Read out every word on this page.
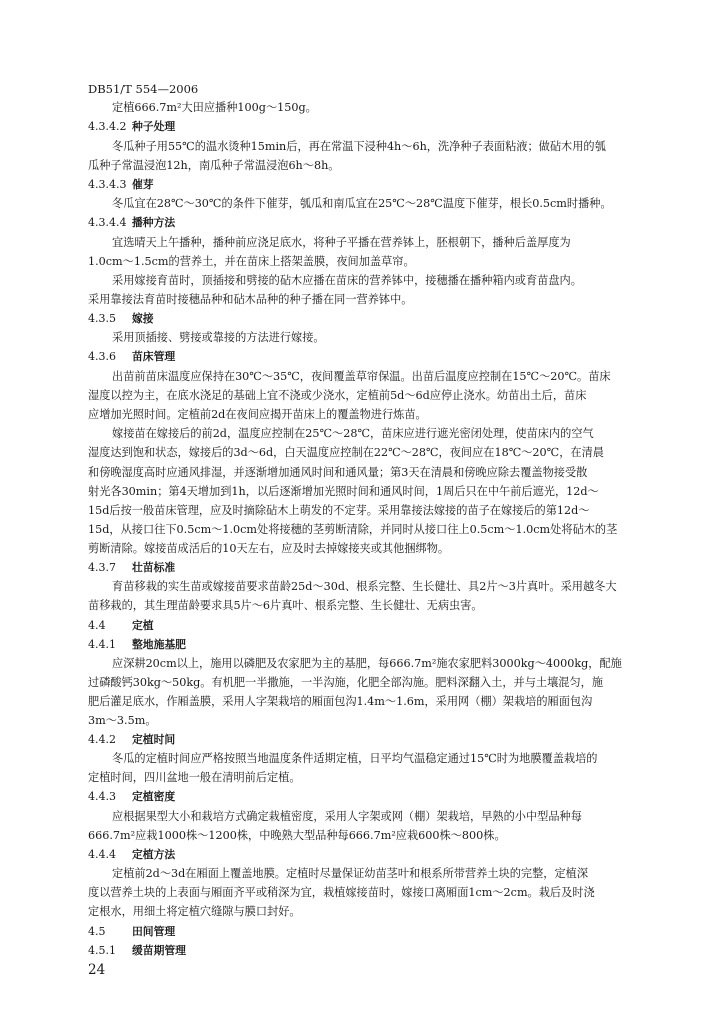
DB51/T 554—2006
定植666.7m²大田应播种100g～150g。
4.3.4.2 种子处理
冬瓜种子用55℃的温水烫种15min后，再在常温下浸种4h～6h，洗净种子表面粘液；做砧木用的瓠
瓜种子常温浸泡12h，南瓜种子常温浸泡6h～8h。
4.3.4.3 催芽
冬瓜宜在28℃～30℃的条件下催芽，瓠瓜和南瓜宜在25℃～28℃温度下催芽，根长0.5cm时播种。
4.3.4.4 播种方法
宜选晴天上午播种，播种前应浇足底水，将种子平播在营养钵上，胚根朝下，播种后盖厚度为
1.0cm～1.5cm的营养土，并在苗床上搭架盖膜，夜间加盖草帘。
采用嫁接育苗时，顶插接和劈接的砧木应播在苗床的营养钵中，接穗播在播种箱内或育苗盘内。
采用靠接法育苗时接穗品种和砧木品种的种子播在同一营养钵中。
4.3.5 嫁接
采用顶插接、劈接或靠接的方法进行嫁接。
4.3.6 苗床管理
出苗前苗床温度应保持在30℃～35℃，夜间覆盖草帘保温。出苗后温度应控制在15℃～20℃。苗床
湿度以控为主，在底水浇足的基础上宜不浇或少浇水，定植前5d～6d应停止浇水。幼苗出土后，苗床
应增加光照时间。定植前2d在夜间应揭开苗床上的覆盖物进行炼苗。
嫁接苗在嫁接后的前2d，温度应控制在25℃～28℃，苗床应进行遮光密闭处理，使苗床内的空气
湿度达到饱和状态，嫁接后的3d～6d，白天温度应控制在22℃～28℃，夜间应在18℃～20℃，在清晨
和傍晚湿度高时应通风排湿，并逐渐增加通风时间和通风量；第3天在清晨和傍晚应除去覆盖物接受散
射光各30min；第4天增加到1h，以后逐渐增加光照时间和通风时间，1周后只在中午前后遮光，12d～
15d后按一般苗床管理，应及时摘除砧木上萌发的不定芽。采用靠接法嫁接的苗子在嫁接后的第12d～
15d，从接口往下0.5cm～1.0cm处将接穗的茎剪断清除，并同时从接口往上0.5cm～1.0cm处将砧木的茎
剪断清除。嫁接苗成活后的10天左右，应及时去掉嫁接夹或其他捆绑物。
4.3.7 壮苗标准
育苗移栽的实生苗或嫁接苗要求苗龄25d～30d、根系完整、生长健壮、具2片～3片真叶。采用越冬大
苗移栽的，其生理苗龄要求具5片～6片真叶、根系完整、生长健壮、无病虫害。
4.4 定植
4.4.1 整地施基肥
应深耕20cm以上，施用以磷肥及农家肥为主的基肥，每666.7m²施农家肥料3000kg～4000kg，配施
过磷酸钙30kg～50kg。有机肥一半撒施，一半沟施，化肥全部沟施。肥料深翻入土，并与土壤混匀，施
肥后灌足底水，作厢盖膜，采用人字架栽培的厢面包沟1.4m～1.6m，采用网（棚）架栽培的厢面包沟
3m～3.5m。
4.4.2 定植时间
冬瓜的定植时间应严格按照当地温度条件适期定植，日平均气温稳定通过15℃时为地膜覆盖栽培的
定植时间，四川盆地一般在清明前后定植。
4.4.3 定植密度
应根据果型大小和栽培方式确定栽植密度，采用人字架或网（棚）架栽培，早熟的小中型品种每
666.7m²应栽1000株～1200株，中晚熟大型品种每666.7m²应栽600株～800株。
4.4.4 定植方法
定植前2d～3d在厢面上覆盖地膜。定植时尽量保证幼苗茎叶和根系所带营养土块的完整，定植深
度以营养土块的上表面与厢面齐平或稍深为宜，栽植嫁接苗时，嫁接口离厢面1cm～2cm。栽后及时浇
定根水，用细土将定植穴缝隙与膜口封好。
4.5 田间管理
4.5.1 缓苗期管理
24
